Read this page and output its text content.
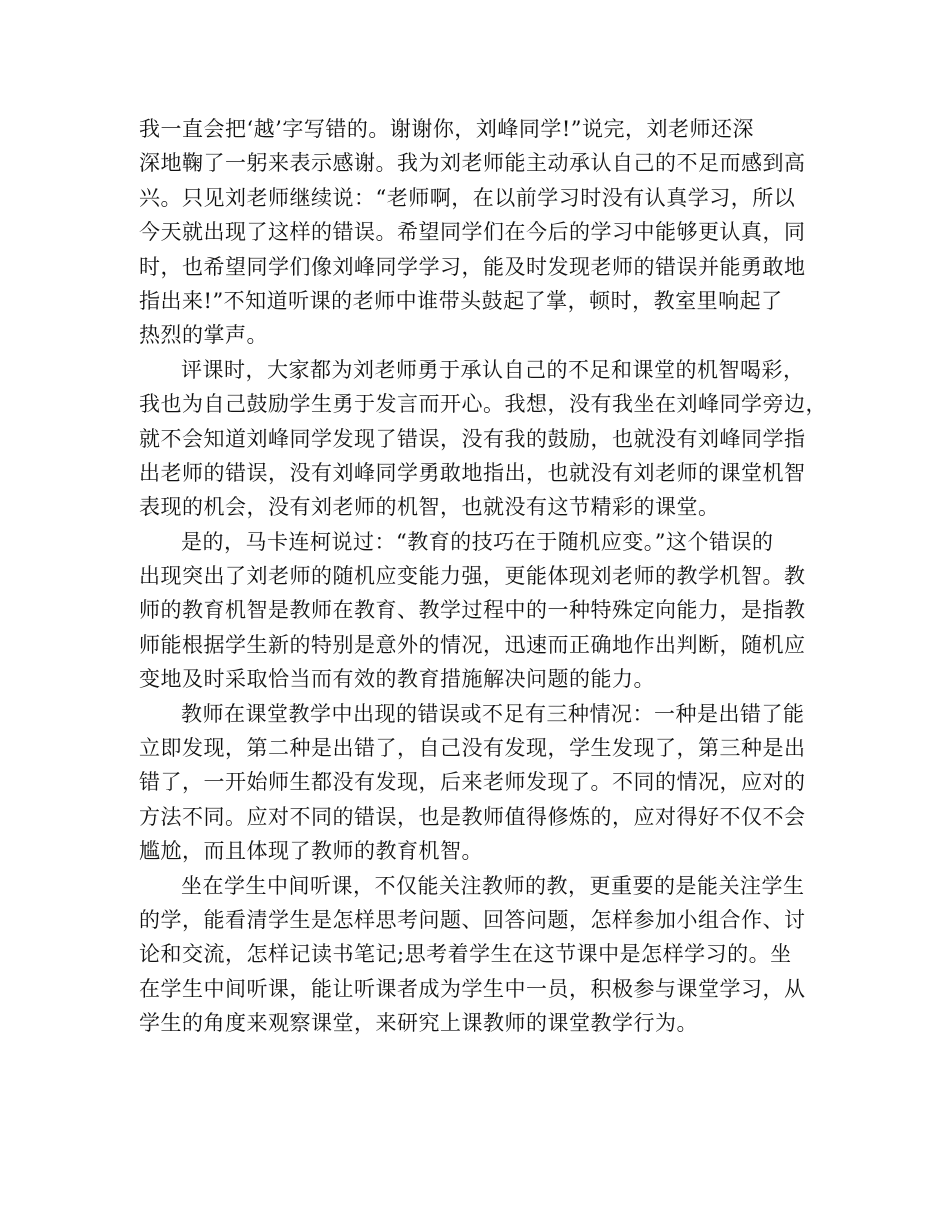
我一直会把‘越’字写错的。谢谢你，刘峰同学!”说完，刘老师还深
深地鞠了一躬来表示感谢。我为刘老师能主动承认自己的不足而感到高
兴。只见刘老师继续说：“老师啊，在以前学习时没有认真学习，所以
今天就出现了这样的错误。希望同学们在今后的学习中能够更认真，同
时，也希望同学们像刘峰同学学习，能及时发现老师的错误并能勇敢地
指出来!”不知道听课的老师中谁带头鼓起了掌，顿时，教室里响起了
热烈的掌声。
评课时，大家都为刘老师勇于承认自己的不足和课堂的机智喝彩，
我也为自己鼓励学生勇于发言而开心。我想，没有我坐在刘峰同学旁边，
就不会知道刘峰同学发现了错误，没有我的鼓励，也就没有刘峰同学指
出老师的错误，没有刘峰同学勇敢地指出，也就没有刘老师的课堂机智
表现的机会，没有刘老师的机智，也就没有这节精彩的课堂。
是的，马卡连柯说过：“教育的技巧在于随机应变。”这个错误的
出现突出了刘老师的随机应变能力强，更能体现刘老师的教学机智。教
师的教育机智是教师在教育、教学过程中的一种特殊定向能力，是指教
师能根据学生新的特别是意外的情况，迅速而正确地作出判断，随机应
变地及时采取恰当而有效的教育措施解决问题的能力。
教师在课堂教学中出现的错误或不足有三种情况：一种是出错了能
立即发现，第二种是出错了，自己没有发现，学生发现了，第三种是出
错了，一开始师生都没有发现，后来老师发现了。不同的情况，应对的
方法不同。应对不同的错误，也是教师值得修炼的，应对得好不仅不会
尴尬，而且体现了教师的教育机智。
坐在学生中间听课，不仅能关注教师的教，更重要的是能关注学生
的学，能看清学生是怎样思考问题、回答问题，怎样参加小组合作、讨
论和交流，怎样记读书笔记;思考着学生在这节课中是怎样学习的。坐
在学生中间听课，能让听课者成为学生中一员，积极参与课堂学习，从
学生的角度来观察课堂，来研究上课教师的课堂教学行为。
